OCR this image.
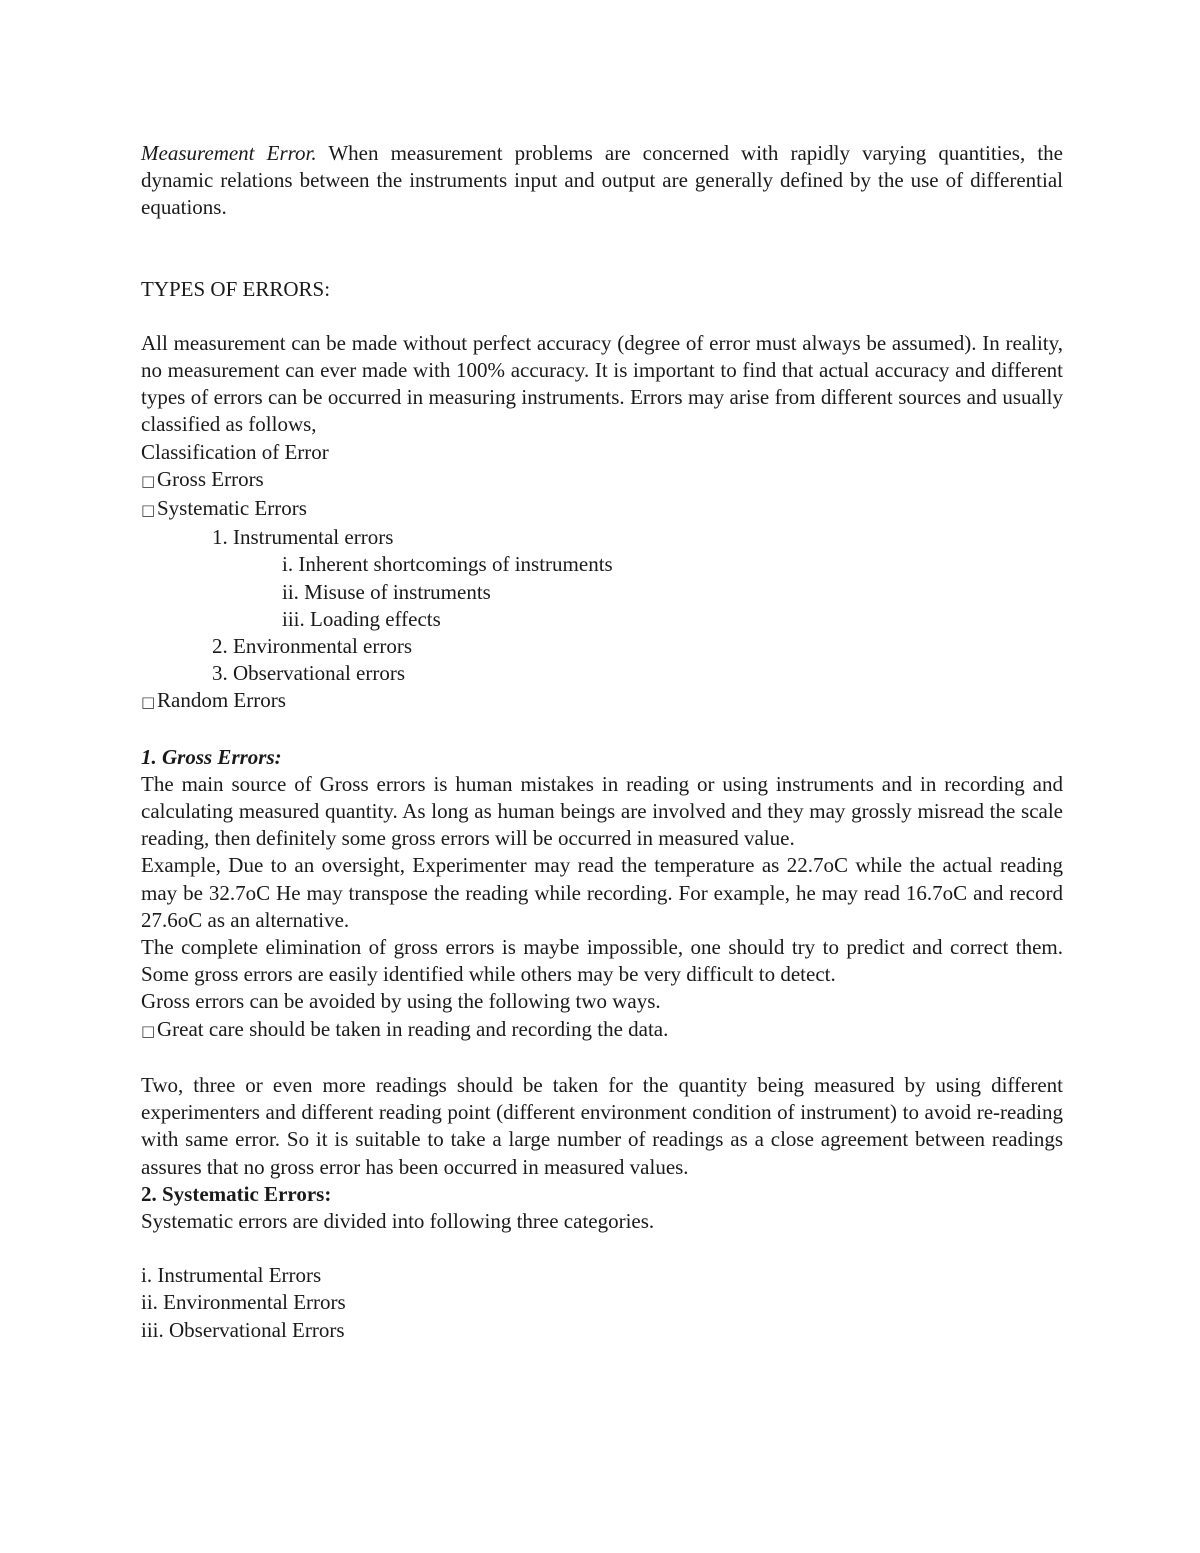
Measurement Error. When measurement problems are concerned with rapidly varying quantities, the dynamic relations between the instruments input and output are generally defined by the use of differential equations.

TYPES OF ERRORS:

All measurement can be made without perfect accuracy (degree of error must always be assumed). In reality, no measurement can ever made with 100% accuracy. It is important to find that actual accuracy and different types of errors can be occurred in measuring instruments. Errors may arise from different sources and usually classified as follows,

Classification of Error

□Gross Errors

□Systematic Errors

1. Instrumental errors

i. Inherent shortcomings of instruments

ii. Misuse of instruments

iii. Loading effects

2. Environmental errors

3. Observational errors

□Random Errors

1. Gross Errors:

The main source of Gross errors is human mistakes in reading or using instruments and in recording and calculating measured quantity. As long as human beings are involved and they may grossly misread the scale reading, then definitely some gross errors will be occurred in measured value.

Example, Due to an oversight, Experimenter may read the temperature as 22.7oC while the actual reading may be 32.7oC He may transpose the reading while recording. For example, he may read 16.7oC and record 27.6oC as an alternative.

The complete elimination of gross errors is maybe impossible, one should try to predict and correct them. Some gross errors are easily identified while others may be very difficult to detect.

Gross errors can be avoided by using the following two ways.

□Great care should be taken in reading and recording the data.

Two, three or even more readings should be taken for the quantity being measured by using different experimenters and different reading point (different environment condition of instrument) to avoid re-reading with same error. So it is suitable to take a large number of readings as a close agreement between readings assures that no gross error has been occurred in measured values.

2. Systematic Errors:

Systematic errors are divided into following three categories.

i. Instrumental Errors

ii. Environmental Errors

iii. Observational Errors
